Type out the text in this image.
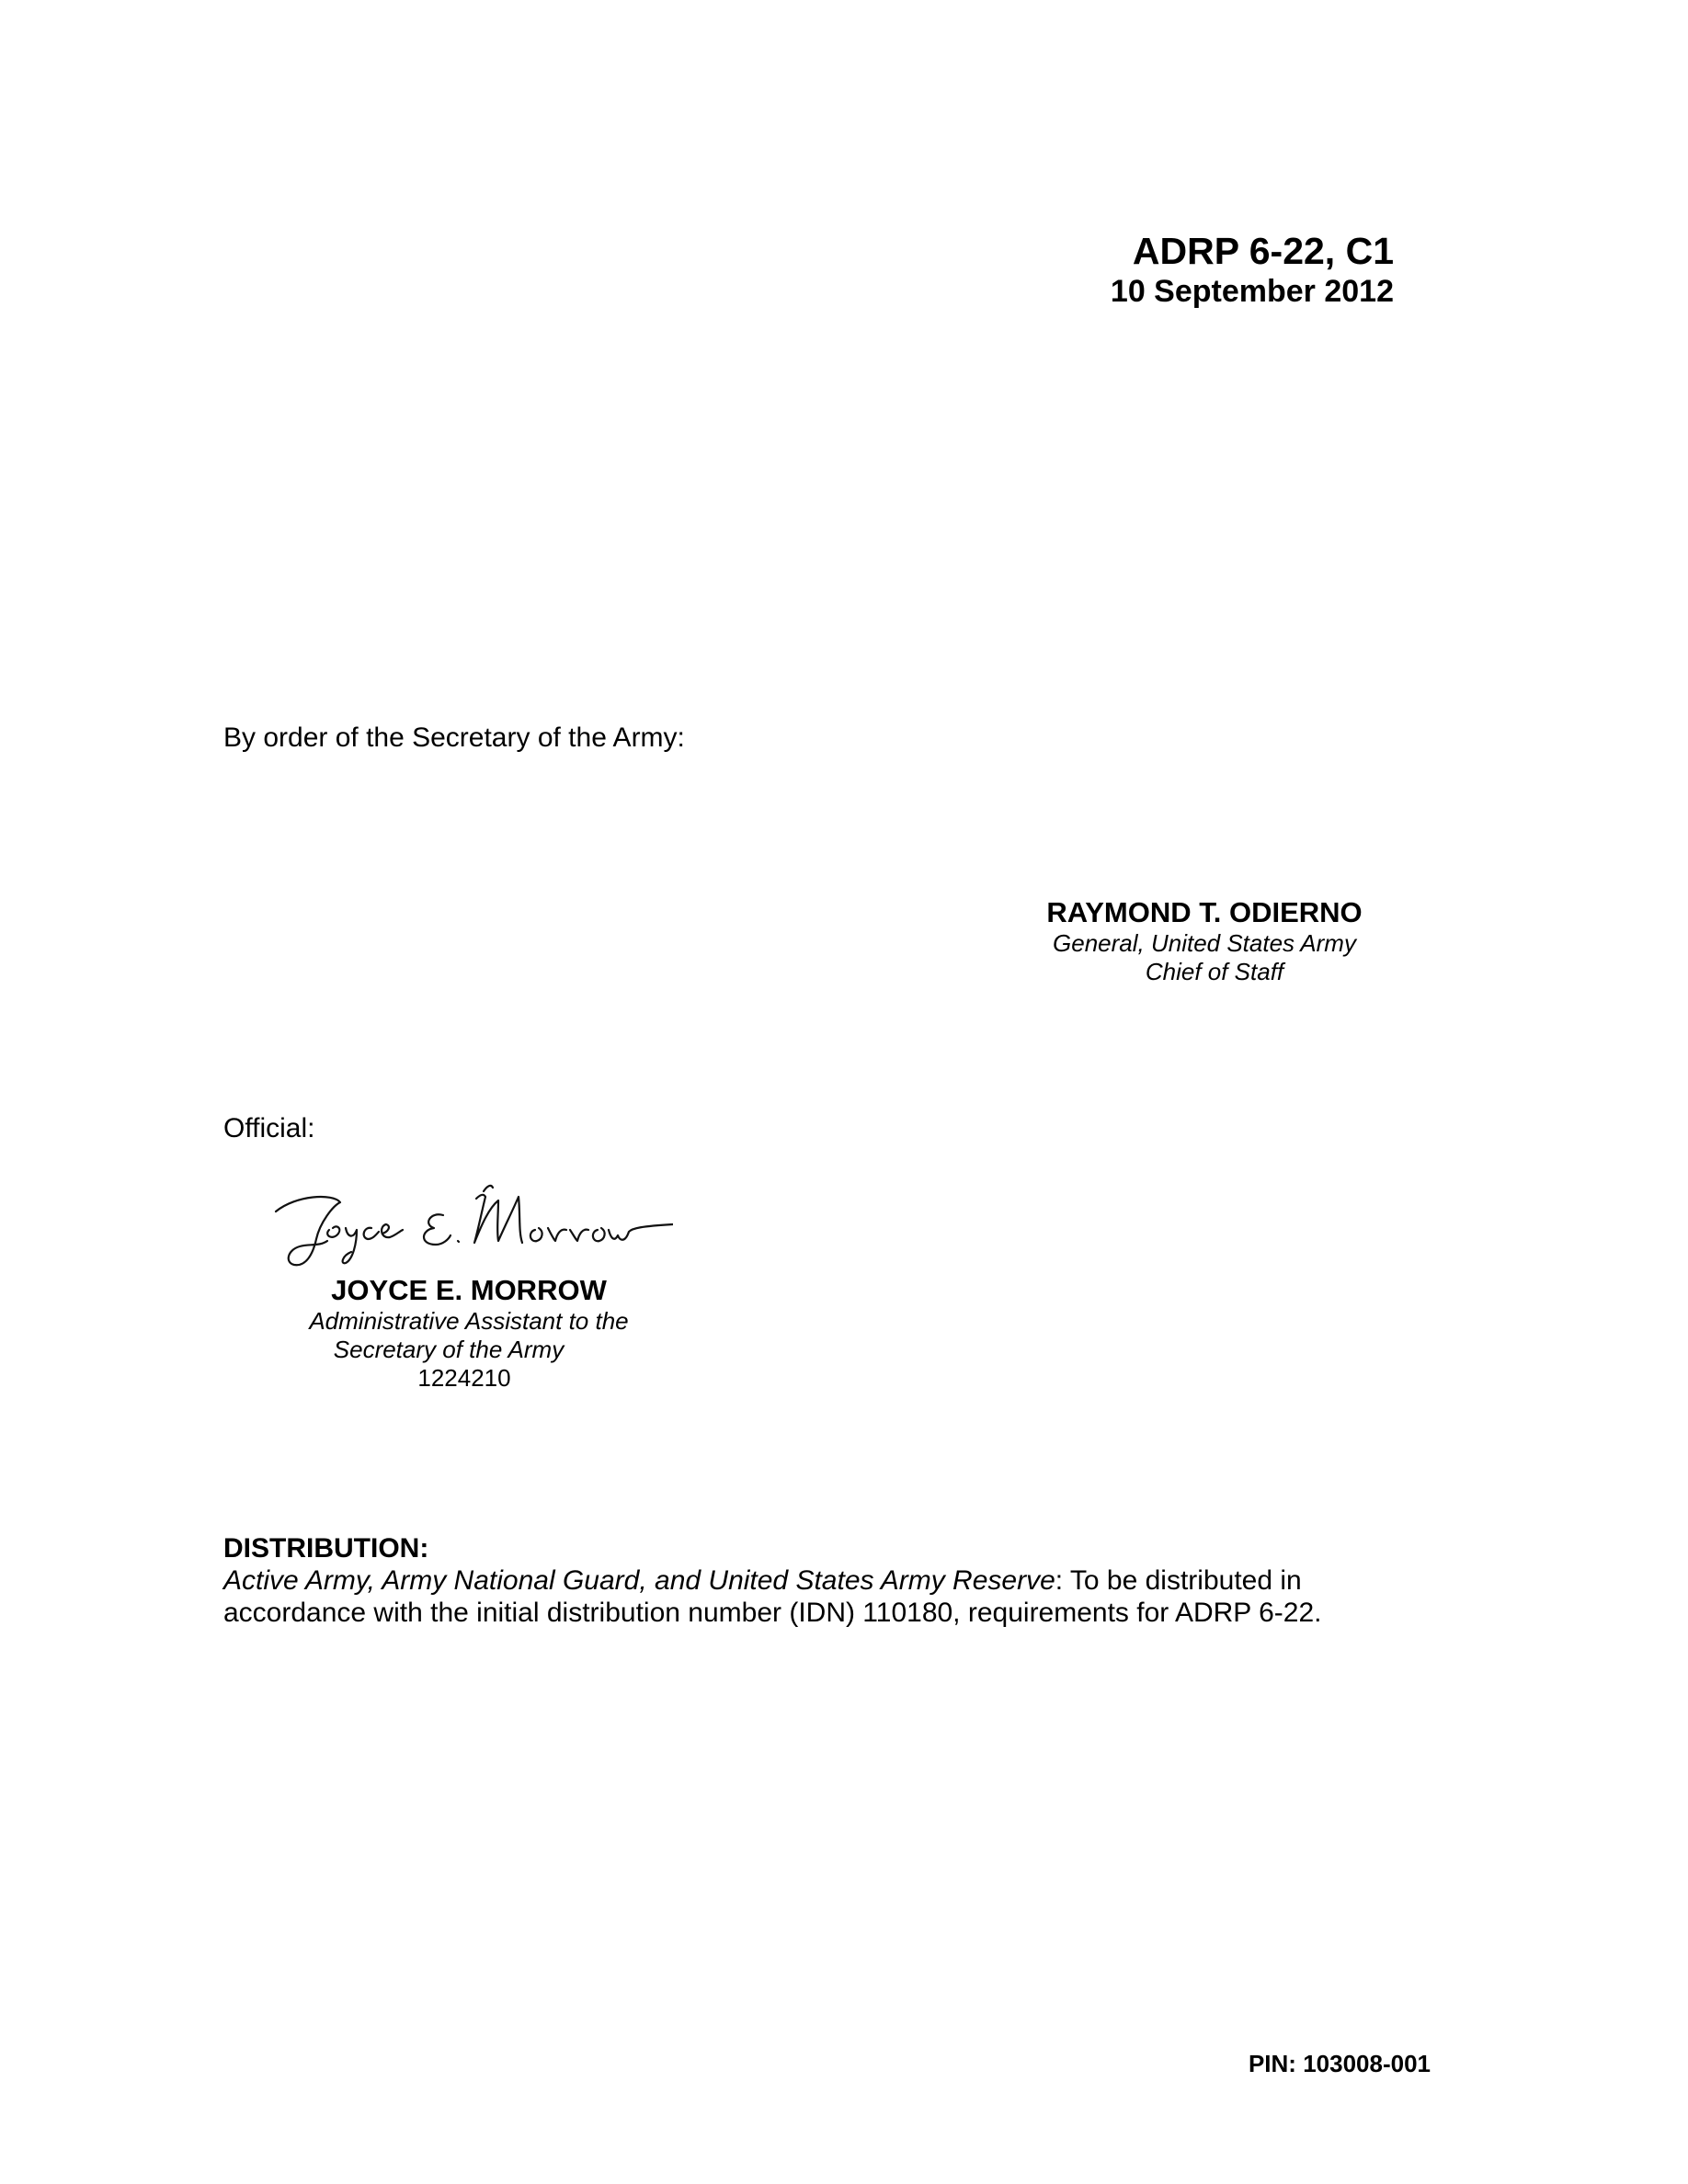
ADRP 6-22, C1
10 September 2012
By order of the Secretary of the Army:
RAYMOND T. ODIERNO
General, United States Army
Chief of Staff
Official:
JOYCE E. MORROW
Administrative Assistant to the
Secretary of the Army
1224210
DISTRIBUTION:
Active Army, Army National Guard, and United States Army Reserve: To be distributed in
accordance with the initial distribution number (IDN) 110180, requirements for ADRP 6-22.
PIN: 103008-001
